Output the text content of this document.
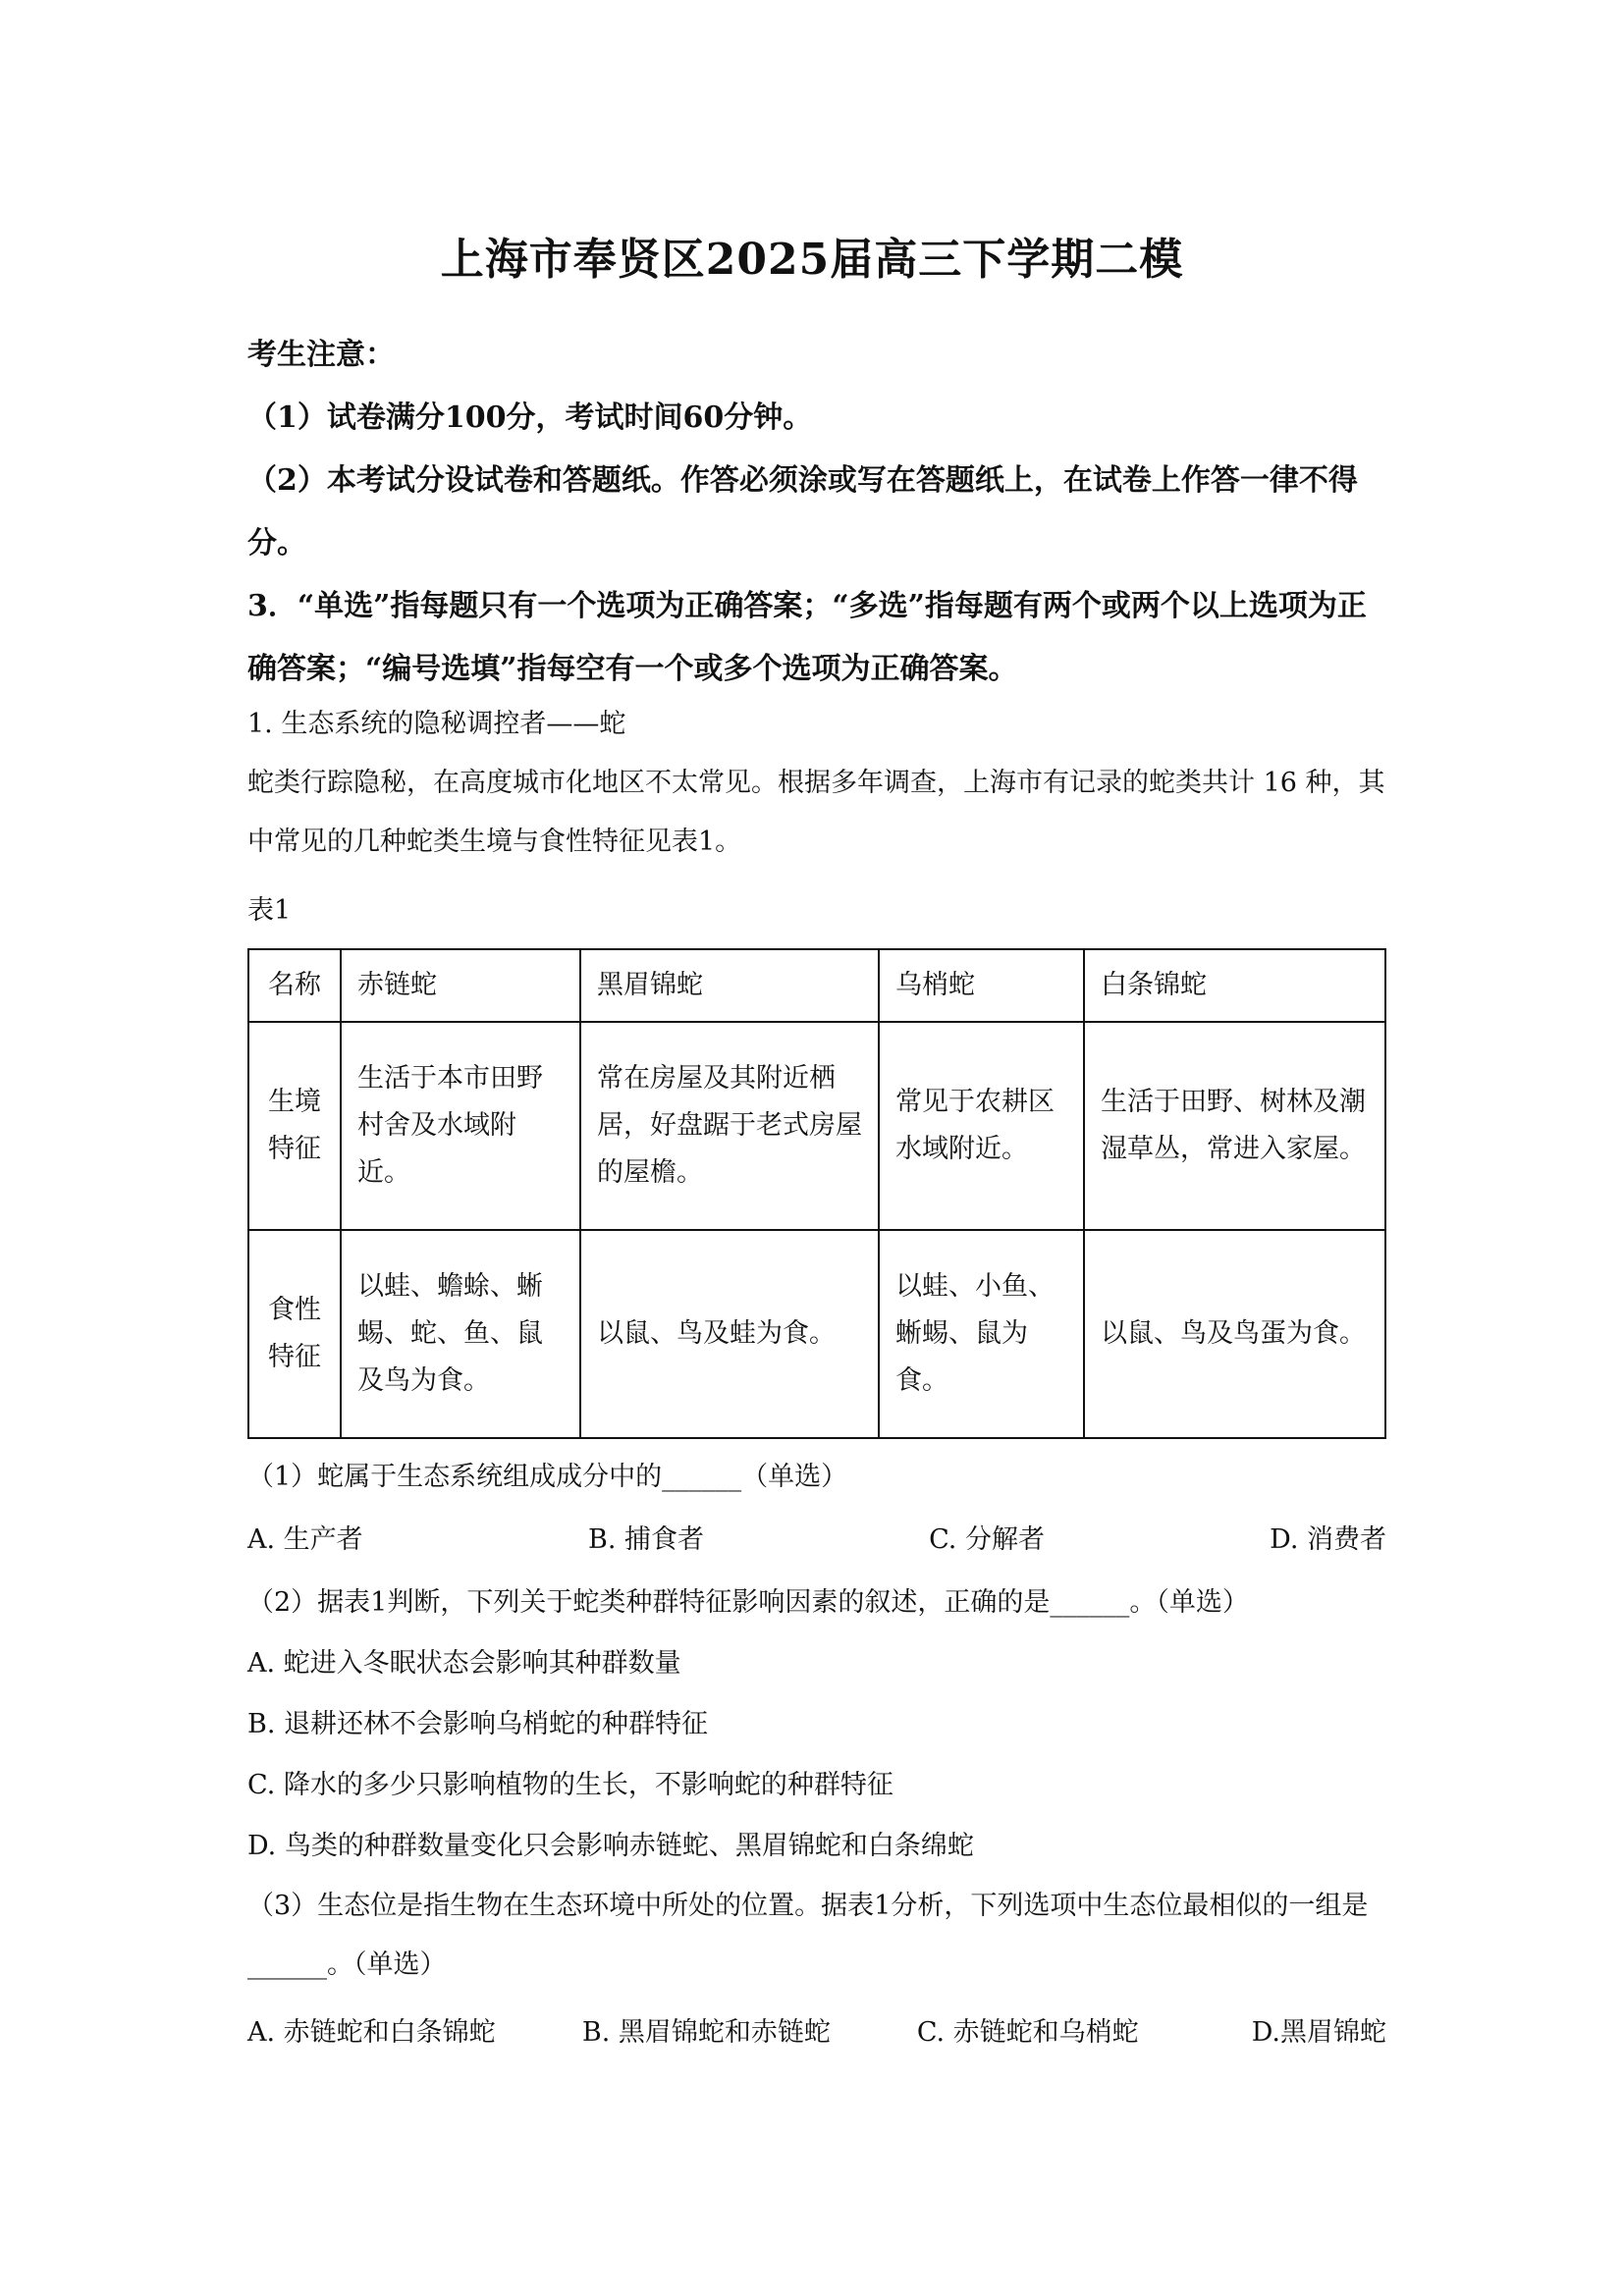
上海市奉贤区2025届高三下学期二模
考生注意：
（1）试卷满分100分，考试时间60分钟。
（2）本考试分设试卷和答题纸。作答必须涂或写在答题纸上，在试卷上作答一律不得分。
3．“单选”指每题只有一个选项为正确答案；“多选”指每题有两个或两个以上选项为正确答案；“编号选填”指每空有一个或多个选项为正确答案。
1. 生态系统的隐秘调控者——蛇
蛇类行踪隐秘，在高度城市化地区不太常见。根据多年调查，上海市有记录的蛇类共计 16 种，其中常见的几种蛇类生境与食性特征见表1。
表1
名称	赤链蛇	黑眉锦蛇	乌梢蛇	白条锦蛇
生境特征	生活于本市田野村舍及水域附近。	常在房屋及其附近栖居，好盘踞于老式房屋的屋檐。	常见于农耕区水域附近。	生活于田野、树林及潮湿草丛，常进入家屋。
食性特征	以蛙、蟾蜍、蜥蜴、蛇、鱼、鼠及鸟为食。	以鼠、鸟及蛙为食。	以蛙、小鱼、蜥蜴、鼠为食。	以鼠、鸟及鸟蛋为食。
（1）蛇属于生态系统组成成分中的______（单选）
A. 生产者	B. 捕食者	C. 分解者	D. 消费者
（2）据表1判断，下列关于蛇类种群特征影响因素的叙述，正确的是______。（单选）
A. 蛇进入冬眠状态会影响其种群数量
B. 退耕还林不会影响乌梢蛇的种群特征
C. 降水的多少只影响植物的生长，不影响蛇的种群特征
D. 鸟类的种群数量变化只会影响赤链蛇、黑眉锦蛇和白条绵蛇
（3）生态位是指生物在生态环境中所处的位置。据表1分析，下列选项中生态位最相似的一组是______。（单选）
A. 赤链蛇和白条锦蛇	B. 黑眉锦蛇和赤链蛇	C. 赤链蛇和乌梢蛇	D.黑眉锦蛇
